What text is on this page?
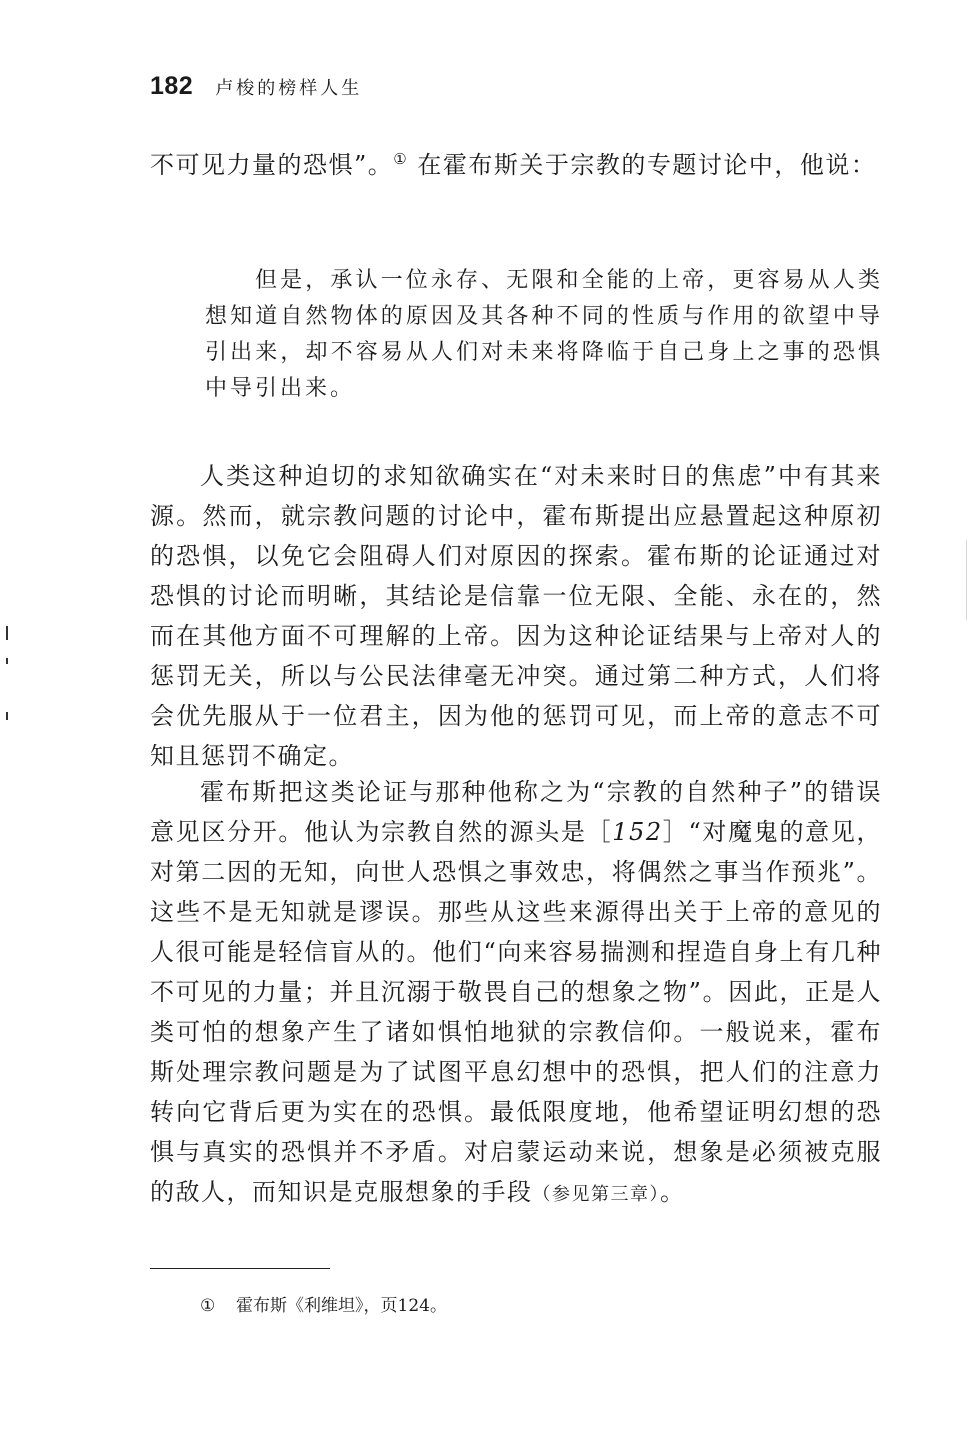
182 卢梭的榜样人生

不可见力量的恐惧”。① 在霍布斯关于宗教的专题讨论中，他说：

但是，承认一位永存、无限和全能的上帝，更容易从人类想知道自然物体的原因及其各种不同的性质与作用的欲望中导引出来，却不容易从人们对未来将降临于自己身上之事的恐惧中导引出来。

人类这种迫切的求知欲确实在“对未来时日的焦虑”中有其来源。然而，就宗教问题的讨论中，霍布斯提出应悬置起这种原初的恐惧，以免它会阻碍人们对原因的探索。霍布斯的论证通过对恐惧的讨论而明晰，其结论是信靠一位无限、全能、永在的，然而在其他方面不可理解的上帝。因为这种论证结果与上帝对人的惩罚无关，所以与公民法律毫无冲突。通过第二种方式，人们将会优先服从于一位君主，因为他的惩罚可见，而上帝的意志不可知且惩罚不确定。

霍布斯把这类论证与那种他称之为“宗教的自然种子”的错误意见区分开。他认为宗教自然的源头是［152］“对魔鬼的意见，对第二因的无知，向世人恐惧之事效忠，将偶然之事当作预兆”。这些不是无知就是谬误。那些从这些来源得出关于上帝的意见的人很可能是轻信盲从的。他们“向来容易揣测和捏造自身上有几种不可见的力量；并且沉溺于敬畏自己的想象之物”。因此，正是人类可怕的想象产生了诸如惧怕地狱的宗教信仰。一般说来，霍布斯处理宗教问题是为了试图平息幻想中的恐惧，把人们的注意力转向它背后更为实在的恐惧。最低限度地，他希望证明幻想的恐惧与真实的恐惧并不矛盾。对启蒙运动来说，想象是必须被克服的敌人，而知识是克服想象的手段（参见第三章）。

① 霍布斯《利维坦》，页124。
